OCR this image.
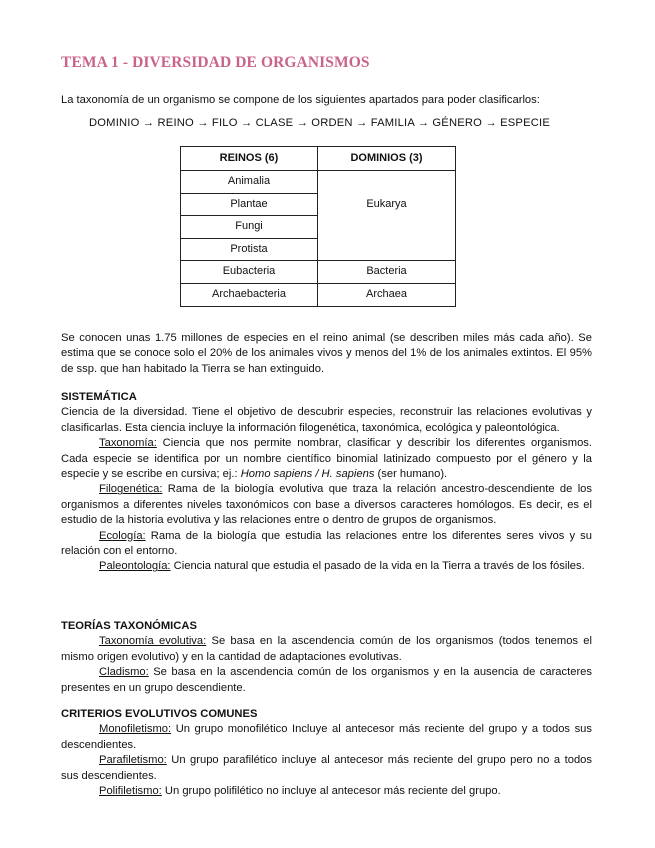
TEMA 1 - DIVERSIDAD DE ORGANISMOS
La taxonomía de un organismo se compone de los siguientes apartados para poder clasificarlos:
DOMINIO → REINO → FILO → CLASE → ORDEN → FAMILIA → GÉNERO → ESPECIE
REINOS (6)	DOMINIOS (3)
Animalia	
Plantae	Eukarya
Fungi	
Protista	
Eubacteria	Bacteria
Archaebacteria	Archaea

Se conocen unas 1.75 millones de especies en el reino animal (se describen miles más cada año). Se estima que se conoce solo el 20% de los animales vivos y menos del 1% de los animales extintos. El 95% de ssp. que han habitado la Tierra se han extinguido.

SISTEMÁTICA

Ciencia de la diversidad. Tiene el objetivo de descubrir especies, reconstruir las relaciones evolutivas y clasificarlas. Esta ciencia incluye la información filogenética, taxonómica, ecológica y paleontológica.

Taxonomía: Ciencia que nos permite nombrar, clasificar y describir los diferentes organismos. Cada especie se identifica por un nombre científico binomial latinizado compuesto por el género y la especie y se escribe en cursiva; ej.: Homo sapiens / H. sapiens (ser humano).

Filogenética: Rama de la biología evolutiva que traza la relación ancestro-descendiente de los organismos a diferentes niveles taxonómicos con base a diversos caracteres homólogos. Es decir, es el estudio de la historia evolutiva y las relaciones entre o dentro de grupos de organismos.

Ecología: Rama de la biología que estudia las relaciones entre los diferentes seres vivos y su relación con el entorno.

Paleontología: Ciencia natural que estudia el pasado de la vida en la Tierra a través de los fósiles.

TEORÍAS TAXONÓMICAS

Taxonomía evolutiva: Se basa en la ascendencia común de los organismos (todos tenemos el mismo origen evolutivo) y en la cantidad de adaptaciones evolutivas.

Cladismo: Se basa en la ascendencia común de los organismos y en la ausencia de caracteres presentes en un grupo descendiente.

CRITERIOS EVOLUTIVOS COMUNES

Monofiletismo: Un grupo monofilético Incluye al antecesor más reciente del grupo y a todos sus descendientes.

Parafiletismo: Un grupo parafilético incluye al antecesor más reciente del grupo pero no a todos sus descendientes.

Polifiletismo: Un grupo polifilético no incluye al antecesor más reciente del grupo.
